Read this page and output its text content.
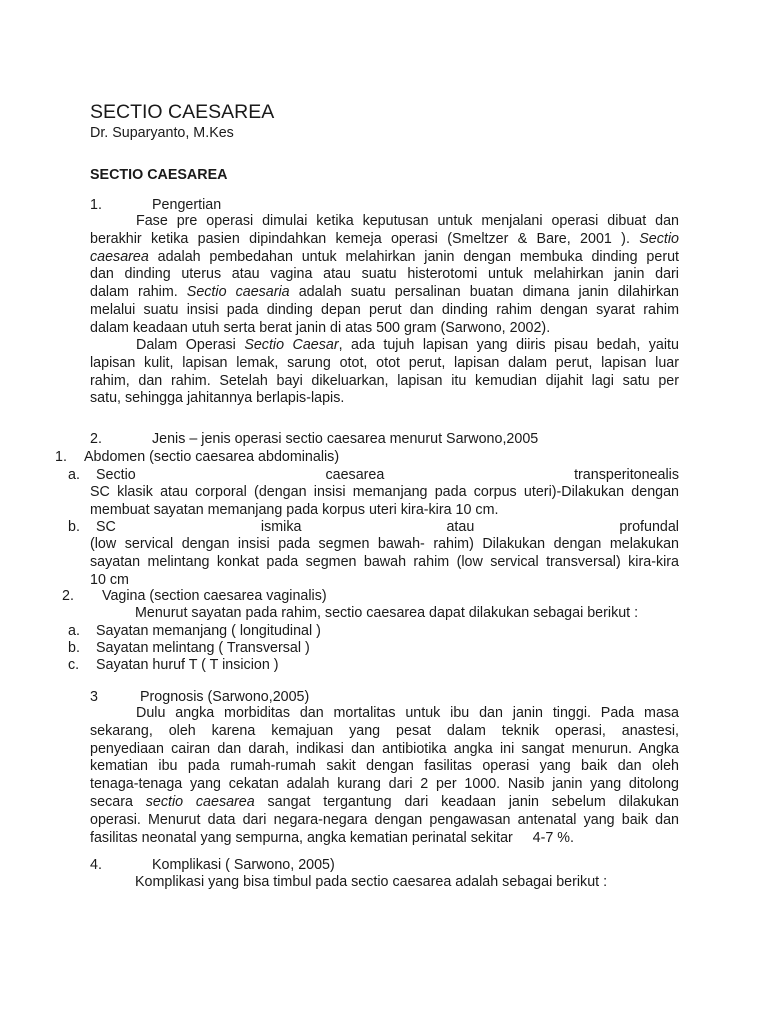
SECTIO CAESAREA
Dr. Suparyanto, M.Kes
SECTIO CAESAREA
1.	Pengertian
Fase pre operasi dimulai ketika keputusan untuk menjalani operasi dibuat dan
berakhir ketika pasien dipindahkan kemeja operasi (Smeltzer & Bare, 2001 ). Sectio
caesarea adalah pembedahan untuk melahirkan janin dengan membuka dinding perut
dan dinding uterus atau vagina atau suatu histerotomi untuk melahirkan janin dari
dalam rahim. Sectio caesaria adalah suatu persalinan buatan dimana janin dilahirkan
melalui suatu insisi pada dinding depan perut dan dinding rahim dengan syarat rahim
dalam keadaan utuh serta berat janin di atas 500 gram (Sarwono, 2002).
Dalam Operasi Sectio Caesar, ada tujuh lapisan yang diiris pisau bedah, yaitu
lapisan kulit, lapisan lemak, sarung otot, otot perut, lapisan dalam perut, lapisan luar
rahim, dan rahim. Setelah bayi dikeluarkan, lapisan itu kemudian dijahit lagi satu per
satu, sehingga jahitannya berlapis-lapis.
2.	Jenis – jenis operasi sectio caesarea menurut Sarwono,2005
1. Abdomen (sectio caesarea abdominalis)
a. Sectio	caesarea	transperitonealis
SC klasik atau corporal (dengan insisi memanjang pada corpus uteri)-Dilakukan dengan
membuat sayatan memanjang pada korpus uteri kira-kira 10 cm.
b. SC	ismika	atau	profundal
(low servical dengan insisi pada segmen bawah- rahim) Dilakukan dengan melakukan
sayatan melintang konkat pada segmen bawah rahim (low servical transversal) kira-kira
10 cm
2. Vagina (section caesarea vaginalis)
Menurut sayatan pada rahim, sectio caesarea dapat dilakukan sebagai berikut :
a. Sayatan memanjang ( longitudinal )
b. Sayatan melintang ( Transversal )
c. Sayatan huruf T ( T insicion )
3	Prognosis (Sarwono,2005)
Dulu angka morbiditas dan mortalitas untuk ibu dan janin tinggi. Pada masa
sekarang, oleh karena kemajuan yang pesat dalam teknik operasi, anastesi,
penyediaan cairan dan darah, indikasi dan antibiotika angka ini sangat menurun. Angka
kematian ibu pada rumah-rumah sakit dengan fasilitas operasi yang baik dan oleh
tenaga-tenaga yang cekatan adalah kurang dari 2 per 1000. Nasib janin yang ditolong
secara sectio caesarea sangat tergantung dari keadaan janin sebelum dilakukan
operasi. Menurut data dari negara-negara dengan pengawasan antenatal yang baik dan
fasilitas neonatal yang sempurna, angka kematian perinatal sekitar     4-7 %.
4.	Komplikasi ( Sarwono, 2005)
Komplikasi yang bisa timbul pada sectio caesarea adalah sebagai berikut :
